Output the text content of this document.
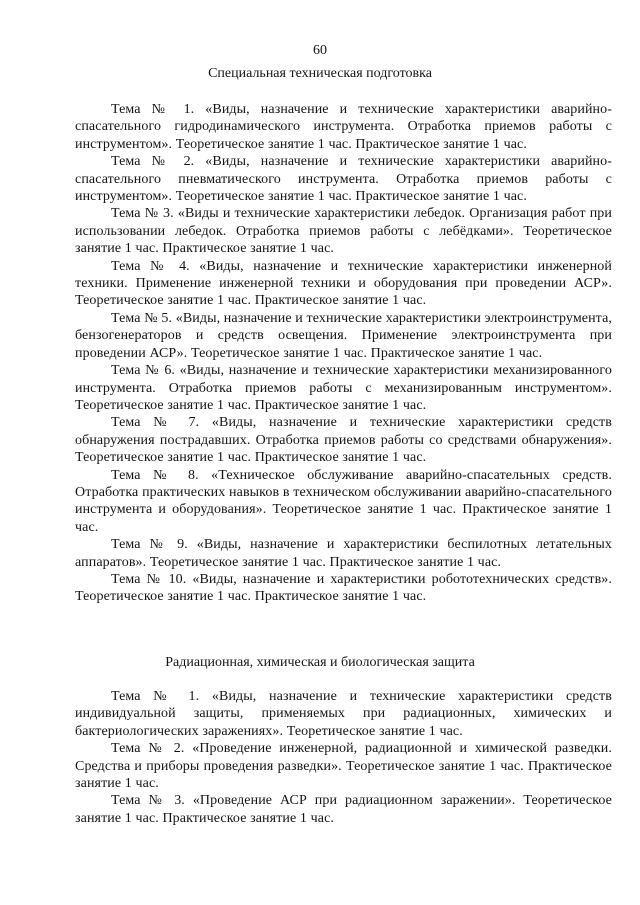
60
Специальная техническая подготовка

Тема № 1. «Виды, назначение и технические характеристики аварийно-спасательного гидродинамического инструмента. Отработка приемов работы с инструментом». Теоретическое занятие 1 час. Практическое занятие 1 час.

Тема № 2. «Виды, назначение и технические характеристики аварийно-спасательного пневматического инструмента. Отработка приемов работы с инструментом». Теоретическое занятие 1 час. Практическое занятие 1 час.

Тема № 3. «Виды и технические характеристики лебедок. Организация работ при использовании лебедок. Отработка приемов работы с лебёдками». Теоретическое занятие 1 час. Практическое занятие 1 час.

Тема № 4. «Виды, назначение и технические характеристики инженерной техники. Применение инженерной техники и оборудования при проведении АСР». Теоретическое занятие 1 час. Практическое занятие 1 час.

Тема № 5. «Виды, назначение и технические характеристики электроинструмента, бензогенераторов и средств освещения. Применение электроинструмента при проведении АСР». Теоретическое занятие 1 час. Практическое занятие 1 час.

Тема № 6. «Виды, назначение и технические характеристики механизированного инструмента. Отработка приемов работы с механизированным инструментом». Теоретическое занятие 1 час. Практическое занятие 1 час.

Тема № 7. «Виды, назначение и технические характеристики средств обнаружения пострадавших. Отработка приемов работы со средствами обнаружения». Теоретическое занятие 1 час. Практическое занятие 1 час.

Тема № 8. «Техническое обслуживание аварийно-спасательных средств. Отработка практических навыков в техническом обслуживании аварийно-спасательного инструмента и оборудования». Теоретическое занятие 1 час. Практическое занятие 1 час.

Тема № 9. «Виды, назначение и характеристики беспилотных летательных аппаратов». Теоретическое занятие 1 час. Практическое занятие 1 час.

Тема № 10. «Виды, назначение и характеристики робототехнических средств». Теоретическое занятие 1 час. Практическое занятие 1 час.

Радиационная, химическая и биологическая защита

Тема № 1. «Виды, назначение и технические характеристики средств индивидуальной защиты, применяемых при радиационных, химических и бактериологических заражениях». Теоретическое занятие 1 час.

Тема № 2. «Проведение инженерной, радиационной и химической разведки. Средства и приборы проведения разведки». Теоретическое занятие 1 час. Практическое занятие 1 час.

Тема № 3. «Проведение АСР при радиационном заражении». Теоретическое занятие 1 час. Практическое занятие 1 час.
